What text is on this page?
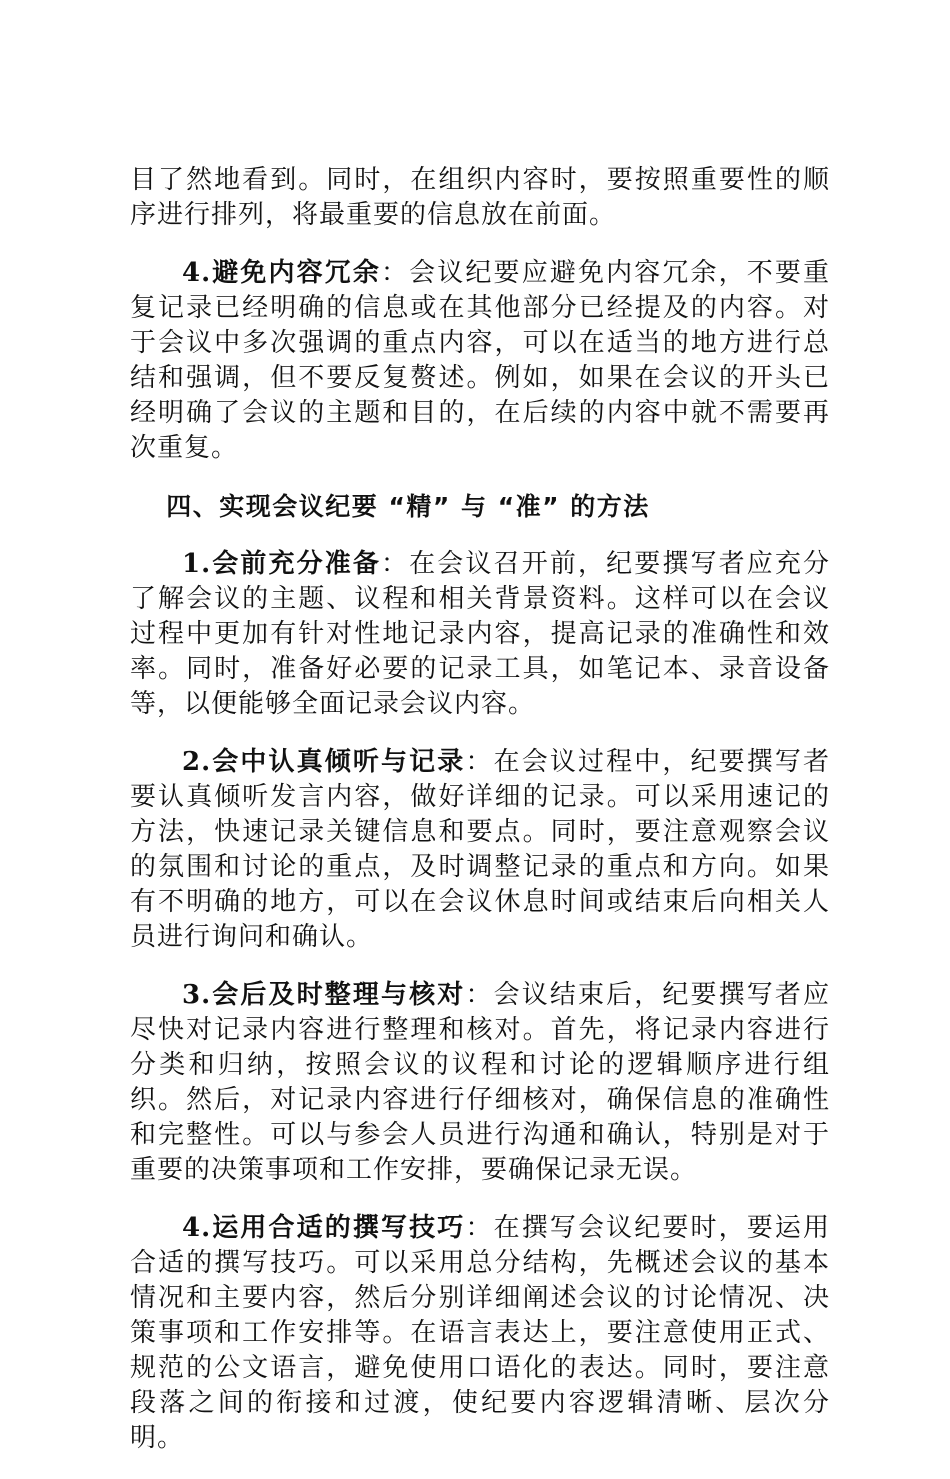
目了然地看到。同时，在组织内容时，要按照重要性的顺序进行排列，将最重要的信息放在前面。

4.避免内容冗余：会议纪要应避免内容冗余，不要重复记录已经明确的信息或在其他部分已经提及的内容。对于会议中多次强调的重点内容，可以在适当的地方进行总结和强调，但不要反复赘述。例如，如果在会议的开头已经明确了会议的主题和目的，在后续的内容中就不需要再次重复。

四、实现会议纪要 “精” 与 “准” 的方法

1.会前充分准备：在会议召开前，纪要撰写者应充分了解会议的主题、议程和相关背景资料。这样可以在会议过程中更加有针对性地记录内容，提高记录的准确性和效率。同时，准备好必要的记录工具，如笔记本、录音设备等，以便能够全面记录会议内容。

2.会中认真倾听与记录：在会议过程中，纪要撰写者要认真倾听发言内容，做好详细的记录。可以采用速记的方法，快速记录关键信息和要点。同时，要注意观察会议的氛围和讨论的重点，及时调整记录的重点和方向。如果有不明确的地方，可以在会议休息时间或结束后向相关人员进行询问和确认。

3.会后及时整理与核对：会议结束后，纪要撰写者应尽快对记录内容进行整理和核对。首先，将记录内容进行分类和归纳，按照会议的议程和讨论的逻辑顺序进行组织。然后，对记录内容进行仔细核对，确保信息的准确性和完整性。可以与参会人员进行沟通和确认，特别是对于重要的决策事项和工作安排，要确保记录无误。

4.运用合适的撰写技巧：在撰写会议纪要时，要运用合适的撰写技巧。可以采用总分结构，先概述会议的基本情况和主要内容，然后分别详细阐述会议的讨论情况、决策事项和工作安排等。在语言表达上，要注意使用正式、规范的公文语言，避免使用口语化的表达。同时，要注意段落之间的衔接和过渡，使纪要内容逻辑清晰、层次分明。
